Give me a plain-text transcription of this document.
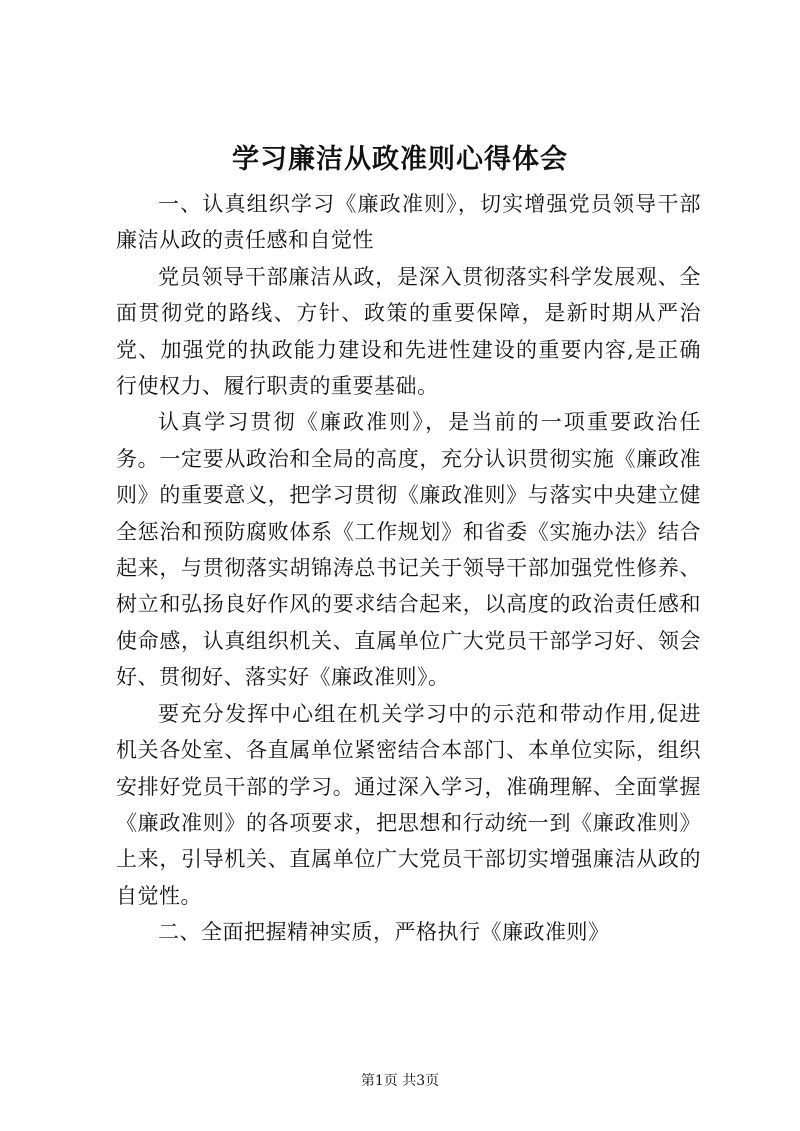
学习廉洁从政准则心得体会

一、认真组织学习《廉政准则》，切实增强党员领导干部廉洁从政的责任感和自觉性

党员领导干部廉洁从政，是深入贯彻落实科学发展观、全面贯彻党的路线、方针、政策的重要保障，是新时期从严治党、加强党的执政能力建设和先进性建设的重要内容,是正确行使权力、履行职责的重要基础。

认真学习贯彻《廉政准则》，是当前的一项重要政治任务。一定要从政治和全局的高度，充分认识贯彻实施《廉政准则》的重要意义，把学习贯彻《廉政准则》与落实中央建立健全惩治和预防腐败体系《工作规划》和省委《实施办法》结合起来，与贯彻落实胡锦涛总书记关于领导干部加强党性修养、树立和弘扬良好作风的要求结合起来，以高度的政治责任感和使命感，认真组织机关、直属单位广大党员干部学习好、领会好、贯彻好、落实好《廉政准则》。

要充分发挥中心组在机关学习中的示范和带动作用,促进机关各处室、各直属单位紧密结合本部门、本单位实际，组织安排好党员干部的学习。通过深入学习，准确理解、全面掌握《廉政准则》的各项要求，把思想和行动统一到《廉政准则》上来，引导机关、直属单位广大党员干部切实增强廉洁从政的自觉性。

二、全面把握精神实质，严格执行《廉政准则》

第1页 共3页
